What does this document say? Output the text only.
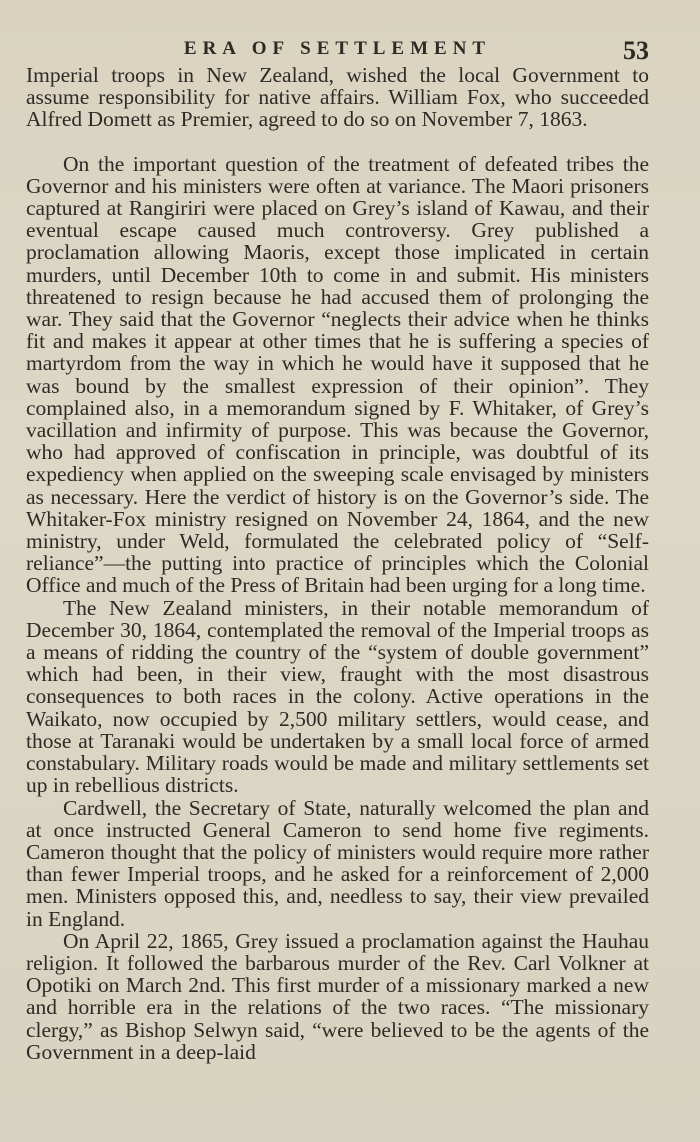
ERA OF SETTLEMENT	53

Imperial troops in New Zealand, wished the local Government to assume responsibility for native affairs. William Fox, who succeeded Alfred Domett as Premier, agreed to do so on November 7, 1863.

On the important question of the treatment of defeated tribes the Governor and his ministers were often at variance. The Maori prisoners captured at Rangiriri were placed on Grey’s island of Kawau, and their eventual escape caused much controversy. Grey published a proclamation allowing Maoris, except those implicated in certain murders, until December 10th to come in and submit. His ministers threatened to resign because he had accused them of prolonging the war. They said that the Governor “neglects their advice when he thinks fit and makes it appear at other times that he is suffering a species of martyrdom from the way in which he would have it supposed that he was bound by the smallest expression of their opinion”. They complained also, in a memorandum signed by F. Whitaker, of Grey’s vacillation and infirmity of purpose. This was because the Governor, who had approved of confiscation in principle, was doubtful of its expediency when applied on the sweeping scale envisaged by ministers as necessary. Here the verdict of history is on the Governor’s side. The Whitaker-Fox ministry resigned on November 24, 1864, and the new ministry, under Weld, formulated the celebrated policy of “Self-reliance”—the putting into practice of principles which the Colonial Office and much of the Press of Britain had been urging for a long time.

The New Zealand ministers, in their notable memorandum of December 30, 1864, contemplated the removal of the Imperial troops as a means of ridding the country of the “system of double government” which had been, in their view, fraught with the most disastrous consequences to both races in the colony. Active operations in the Waikato, now occupied by 2,500 military settlers, would cease, and those at Taranaki would be undertaken by a small local force of armed constabulary. Military roads would be made and military settlements set up in rebellious districts.

Cardwell, the Secretary of State, naturally welcomed the plan and at once instructed General Cameron to send home five regiments. Cameron thought that the policy of ministers would require more rather than fewer Imperial troops, and he asked for a reinforcement of 2,000 men. Ministers opposed this, and, needless to say, their view prevailed in England.

On April 22, 1865, Grey issued a proclamation against the Hauhau religion. It followed the barbarous murder of the Rev. Carl Volkner at Opotiki on March 2nd. This first murder of a missionary marked a new and horrible era in the relations of the two races. “The missionary clergy,” as Bishop Selwyn said, “were believed to be the agents of the Government in a deep-laid
